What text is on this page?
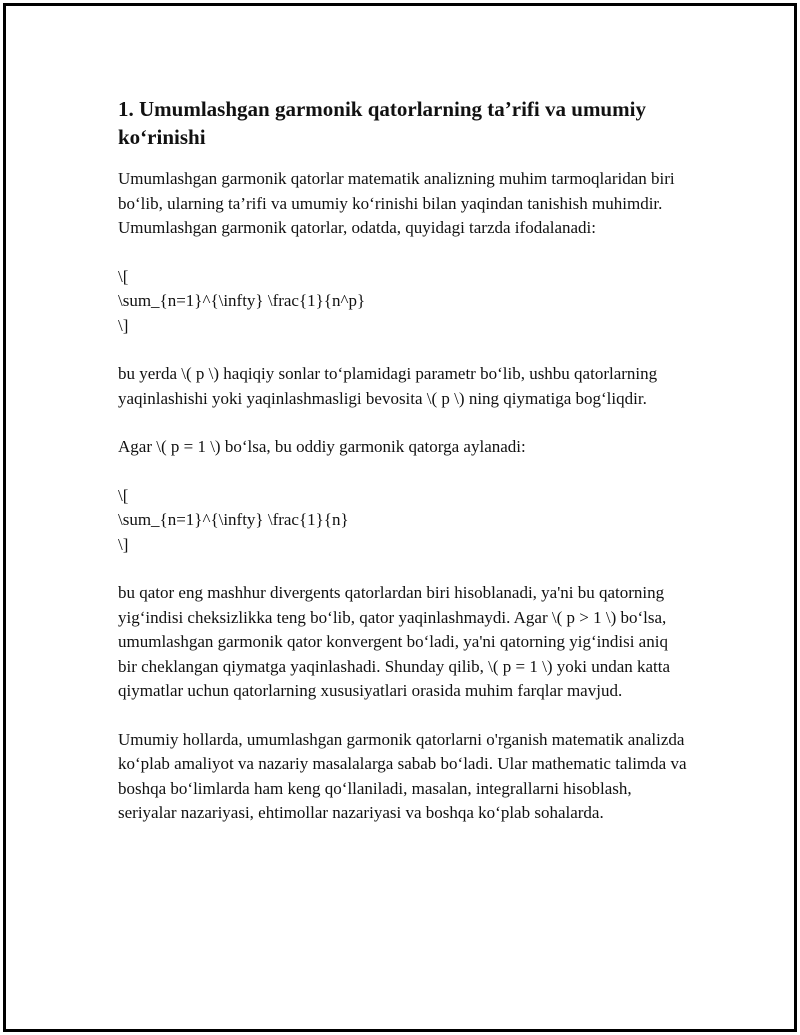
1. Umumlashgan garmonik qatorlarning ta’rifi va umumiy ko‘rinishi

Umumlashgan garmonik qatorlar matematik analizning muhim tarmoqlaridan biri bo‘lib, ularning ta’rifi va umumiy ko‘rinishi bilan yaqindan tanishish muhimdir. Umumlashgan garmonik qatorlar, odatda, quyidagi tarzda ifodalanadi:

\[
\sum_{n=1}^{\infty} \frac{1}{n^p}
\]

bu yerda \( p \) haqiqiy sonlar to‘plamidagi parametr bo‘lib, ushbu qatorlarning yaqinlashishi yoki yaqinlashmasligi bevosita \( p \) ning qiymatiga bog‘liqdir.

Agar \( p = 1 \) bo‘lsa, bu oddiy garmonik qatorga aylanadi:

\[
\sum_{n=1}^{\infty} \frac{1}{n}
\]

bu qator eng mashhur divergents qatorlardan biri hisoblanadi, ya'ni bu qatorning yig‘indisi cheksizlikka teng bo‘lib, qator yaqinlashmaydi. Agar \( p > 1 \) bo‘lsa, umumlashgan garmonik qator konvergent bo‘ladi, ya'ni qatorning yig‘indisi aniq bir cheklangan qiymatga yaqinlashadi. Shunday qilib, \( p = 1 \) yoki undan katta qiymatlar uchun qatorlarning xususiyatlari orasida muhim farqlar mavjud.

Umumiy hollarda, umumlashgan garmonik qatorlarni o'rganish matematik analizda ko‘plab amaliyot va nazariy masalalarga sabab bo‘ladi. Ular mathematic talimda va boshqa bo‘limlarda ham keng qo‘llaniladi, masalan, integrallarni hisoblash, seriyalar nazariyasi, ehtimollar nazariyasi va boshqa ko‘plab sohalarda.
